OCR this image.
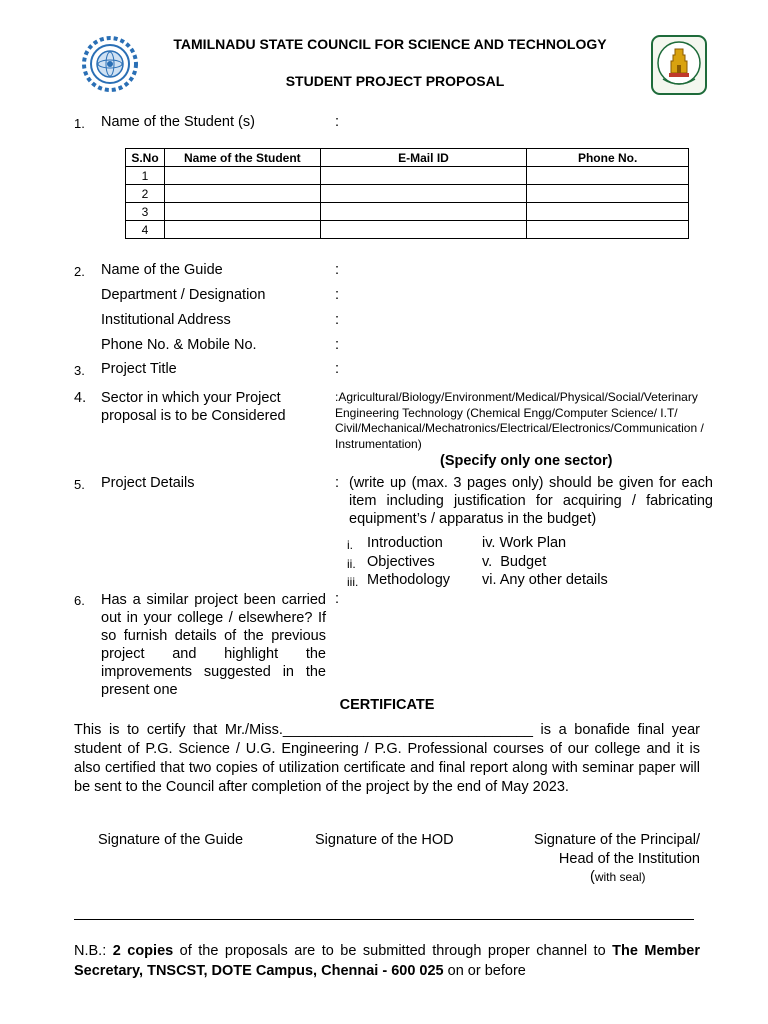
TAMILNADU STATE COUNCIL FOR SCIENCE AND TECHNOLOGY
STUDENT PROJECT PROPOSAL
1. Name of the Student (s)	:
S.No	Name of the Student	E-Mail ID	Phone No.
1			
2			
3			
4			
2. Name of the Guide	:
Department / Designation	:
Institutional Address	:
Phone No. & Mobile No.	:
3. Project Title	:
4. Sector in which your Project
proposal is to be Considered
:Agricultural/Biology/Environment/Medical/Physical/Social/Veterinary Engineering Technology (Chemical Engg/Computer Science/ I.T/ Civil/Mechanical/Mechatronics/Electrical/Electronics/Communication / Instrumentation)
(Specify only one sector)
5. Project Details	: (write up (max. 3 pages only) should be given for each item including justification for acquiring / fabricating equipment’s / apparatus in the budget)
i. Introduction
ii. Objectives
iii. Methodology
iv. Work Plan
v.  Budget
vi. Any other details
6. Has a similar project been carried out in your college / elsewhere? If so furnish details of the previous project and highlight the improvements suggested in the present one
:
CERTIFICATE
This is to certify that Mr./Miss._______________________________ is a bonafide final year student of P.G. Science / U.G. Engineering / P.G. Professional courses of our college and it is also certified that two copies of utilization certificate and final report along with seminar paper will be sent to the Council after completion of the project by the end of May 2023.
Signature of the Guide	Signature of the HOD	Signature of the Principal/
Head of the Institution
(with seal)
N.B.: 2 copies of the proposals are to be submitted through proper channel to The Member Secretary, TNSCST, DOTE Campus, Chennai - 600 025 on or before
